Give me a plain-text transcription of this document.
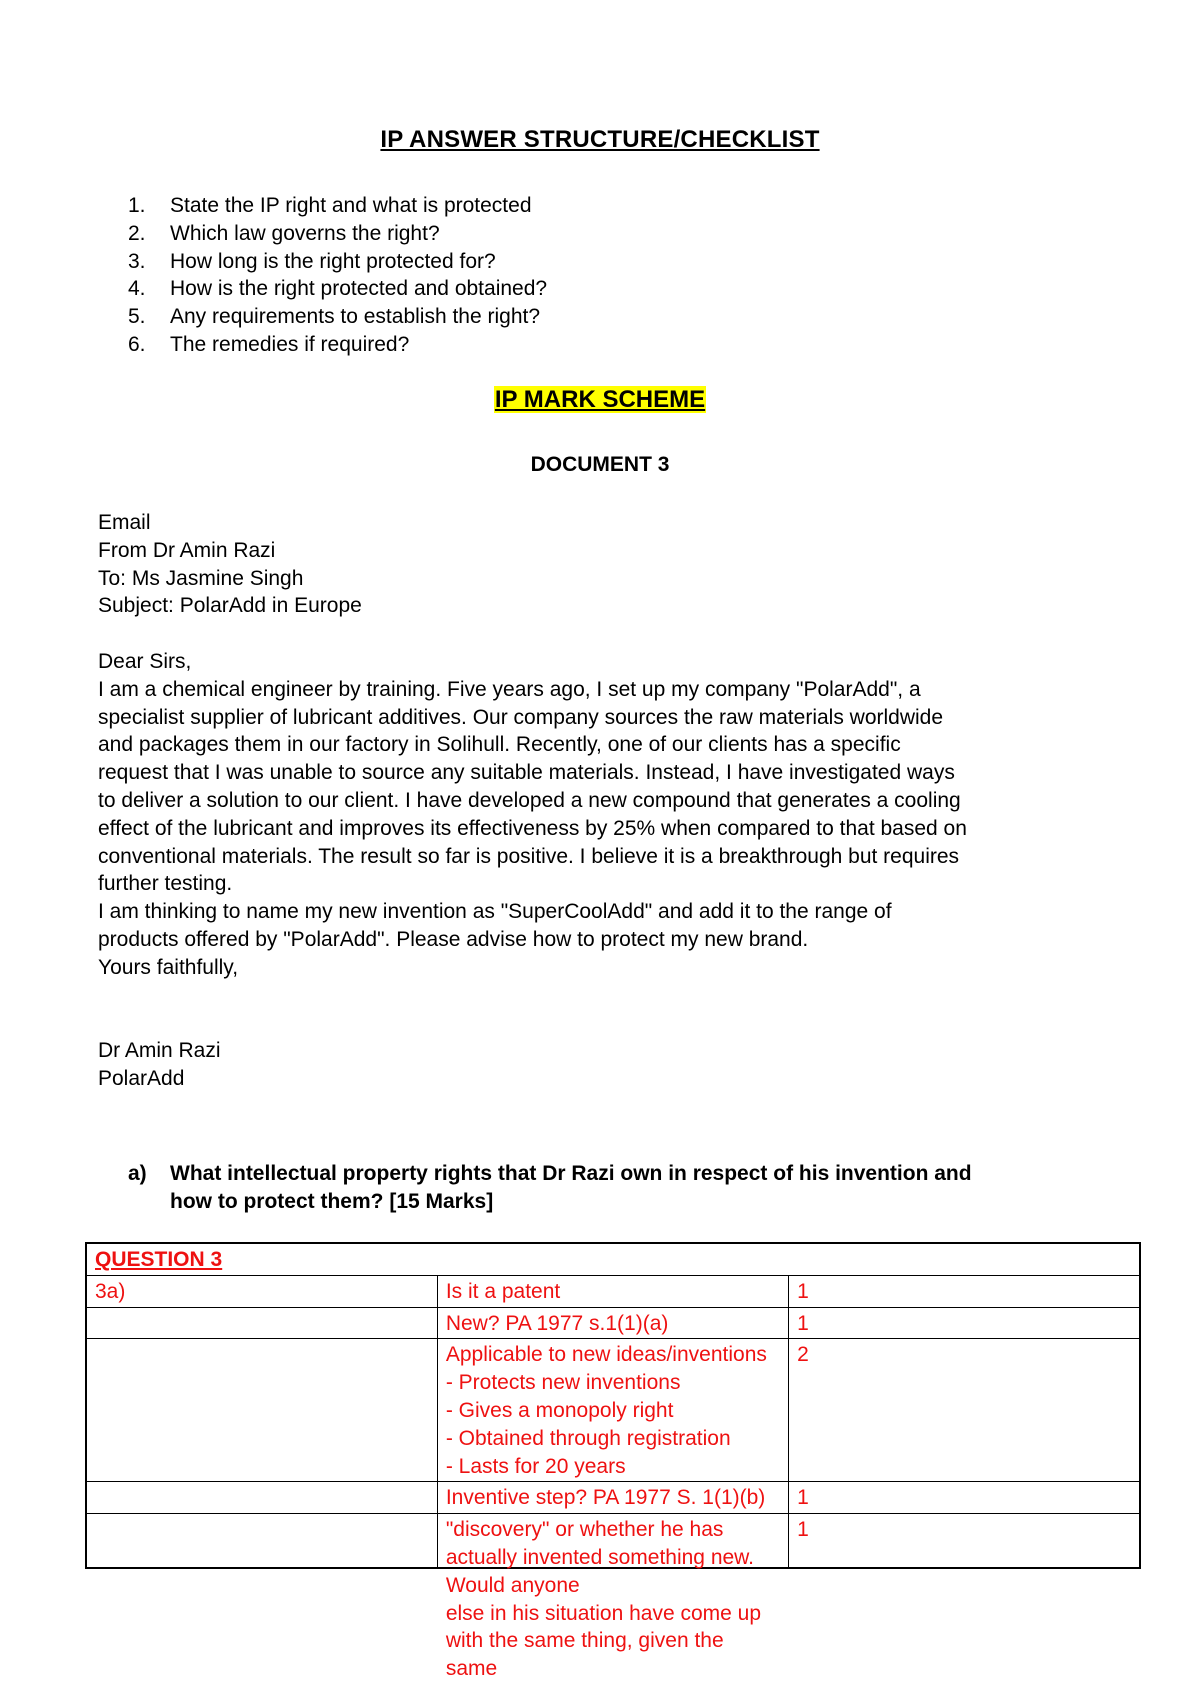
IP ANSWER STRUCTURE/CHECKLIST
1.	State the IP right and what is protected
2.	Which law governs the right?
3.	How long is the right protected for?
4.	How is the right protected and obtained?
5.	Any requirements to establish the right?
6.	The remedies if required?
IP MARK SCHEME
DOCUMENT 3
Email
From Dr Amin Razi
To: Ms Jasmine Singh
Subject: PolarAdd in Europe
Dear Sirs,
I am a chemical engineer by training. Five years ago, I set up my company "PolarAdd", a
specialist supplier of lubricant additives. Our company sources the raw materials worldwide
and packages them in our factory in Solihull. Recently, one of our clients has a specific
request that I was unable to source any suitable materials. Instead, I have investigated ways
to deliver a solution to our client. I have developed a new compound that generates a cooling
effect of the lubricant and improves its effectiveness by 25% when compared to that based on
conventional materials. The result so far is positive. I believe it is a breakthrough but requires
further testing.
I am thinking to name my new invention as "SuperCoolAdd" and add it to the range of
products offered by "PolarAdd". Please advise how to protect my new brand.
Yours faithfully,
Dr Amin Razi
PolarAdd
a)	What intellectual property rights that Dr Razi own in respect of his invention and
how to protect them? [15 Marks]
QUESTION 3		
3a)	Is it a patent	1
	New? PA 1977 s.1(1)(a)	1

	Applicable to new ideas/inventions
- Protects new inventions
- Gives a monopoly right
- Obtained through registration
- Lasts for 20 years	2
	Inventive step? PA 1977 S. 1(1)(b)	1

	"discovery" or whether he has actually invented something new. Would anyone
else in his situation have come up with the same thing, given the same	1
